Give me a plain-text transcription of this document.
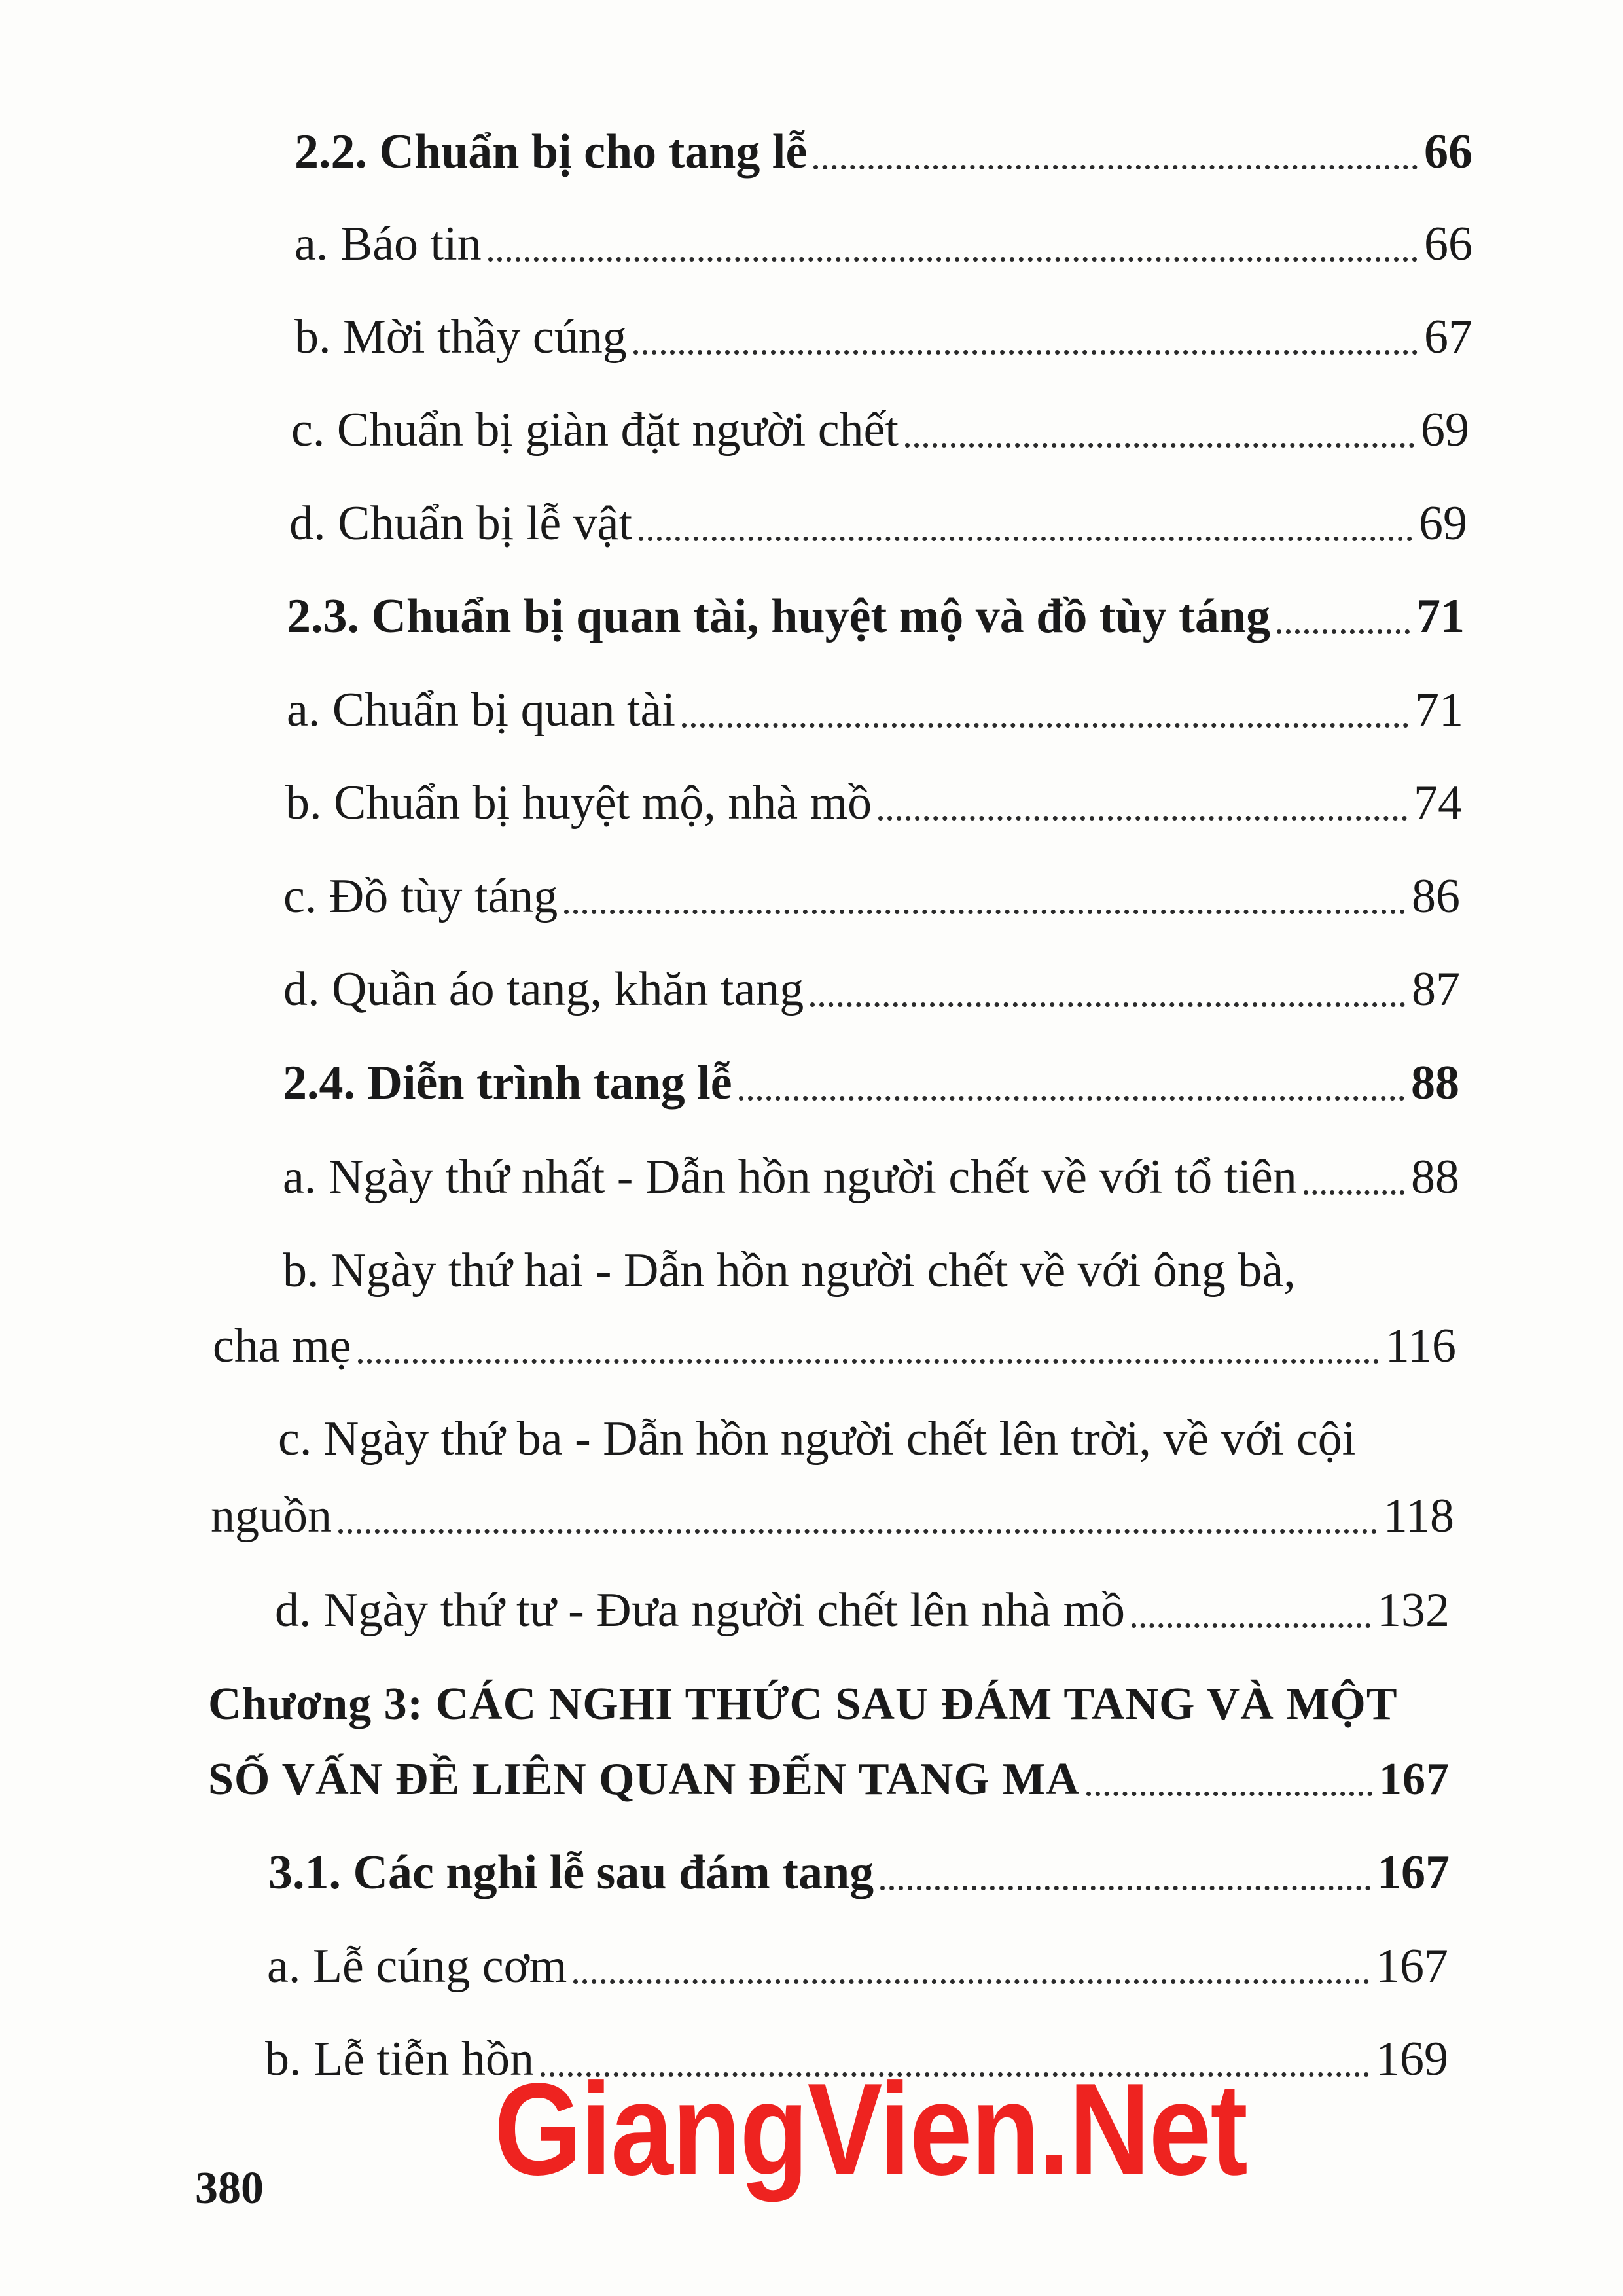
2.2. Chuẩn bị cho tang lễ	66
a. Báo tin	66
b. Mời thầy cúng	67
c. Chuẩn bị giàn đặt người chết	69
d. Chuẩn bị lễ vật	69
2.3. Chuẩn bị quan tài, huyệt mộ và đồ tùy táng	71
a. Chuẩn bị quan tài	71
b. Chuẩn bị huyệt mộ, nhà mồ	74
c. Đồ tùy táng	86
d. Quần áo tang, khăn tang	87
2.4. Diễn trình tang lễ	88
a. Ngày thứ nhất - Dẫn hồn người chết về với tổ tiên 88
b. Ngày thứ hai - Dẫn hồn người chết về với ông bà,
cha mẹ	116
c. Ngày thứ ba - Dẫn hồn người chết lên trời, về với cội
nguồn	118
d. Ngày thứ tư - Đưa người chết lên nhà mồ	132
Chương 3: CÁC NGHI THỨC SAU ĐÁM TANG VÀ MỘT
SỐ VẤN ĐỀ LIÊN QUAN ĐẾN TANG MA	167
3.1. Các nghi lễ sau đám tang	167
a. Lễ cúng cơm	167
b. Lễ tiễn hồn	169
GiangVien.Net
380
